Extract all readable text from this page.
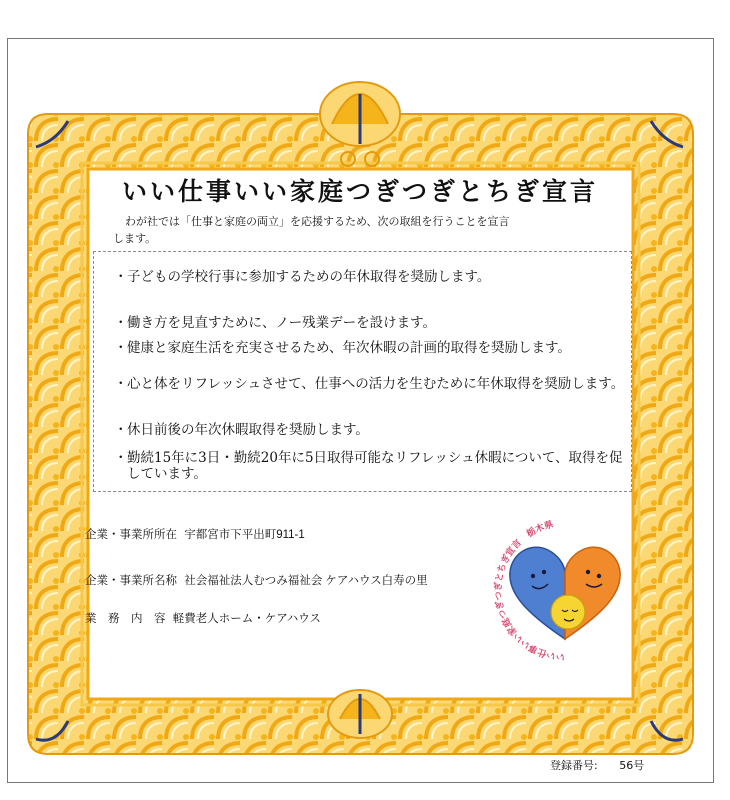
いい仕事いい家庭つぎつぎとちぎ宣言
わが社では「仕事と家庭の両立」を応援するため、次の取組を行うことを宣言
します。
・ 子どもの学校行事に参加するための年休取得を奨励します。
・ 働き方を見直すために、ノー残業デーを設けます。
・ 健康と家庭生活を充実させるため、年次休暇の計画的取得を奨励します。
・ 心と体をリフレッシュさせて、仕事への活力を生むために年休取得を奨励します。
・ 休日前後の年次休暇取得を奨励します。
・ 勤続15年に3日・勤続20年に5日取得可能なリフレッシュ休暇について、取得を促しています。
企業・事業所所在 宇都宮市下平出町911-1
企業・事業所名称 社会福祉法人むつみ福祉会 ケアハウス白寿の里
業　務　内　容 軽費老人ホーム・ケアハウス
いい仕事いい家庭つぎつぎとちぎ宣言　栃木県
登録番号: 56号
